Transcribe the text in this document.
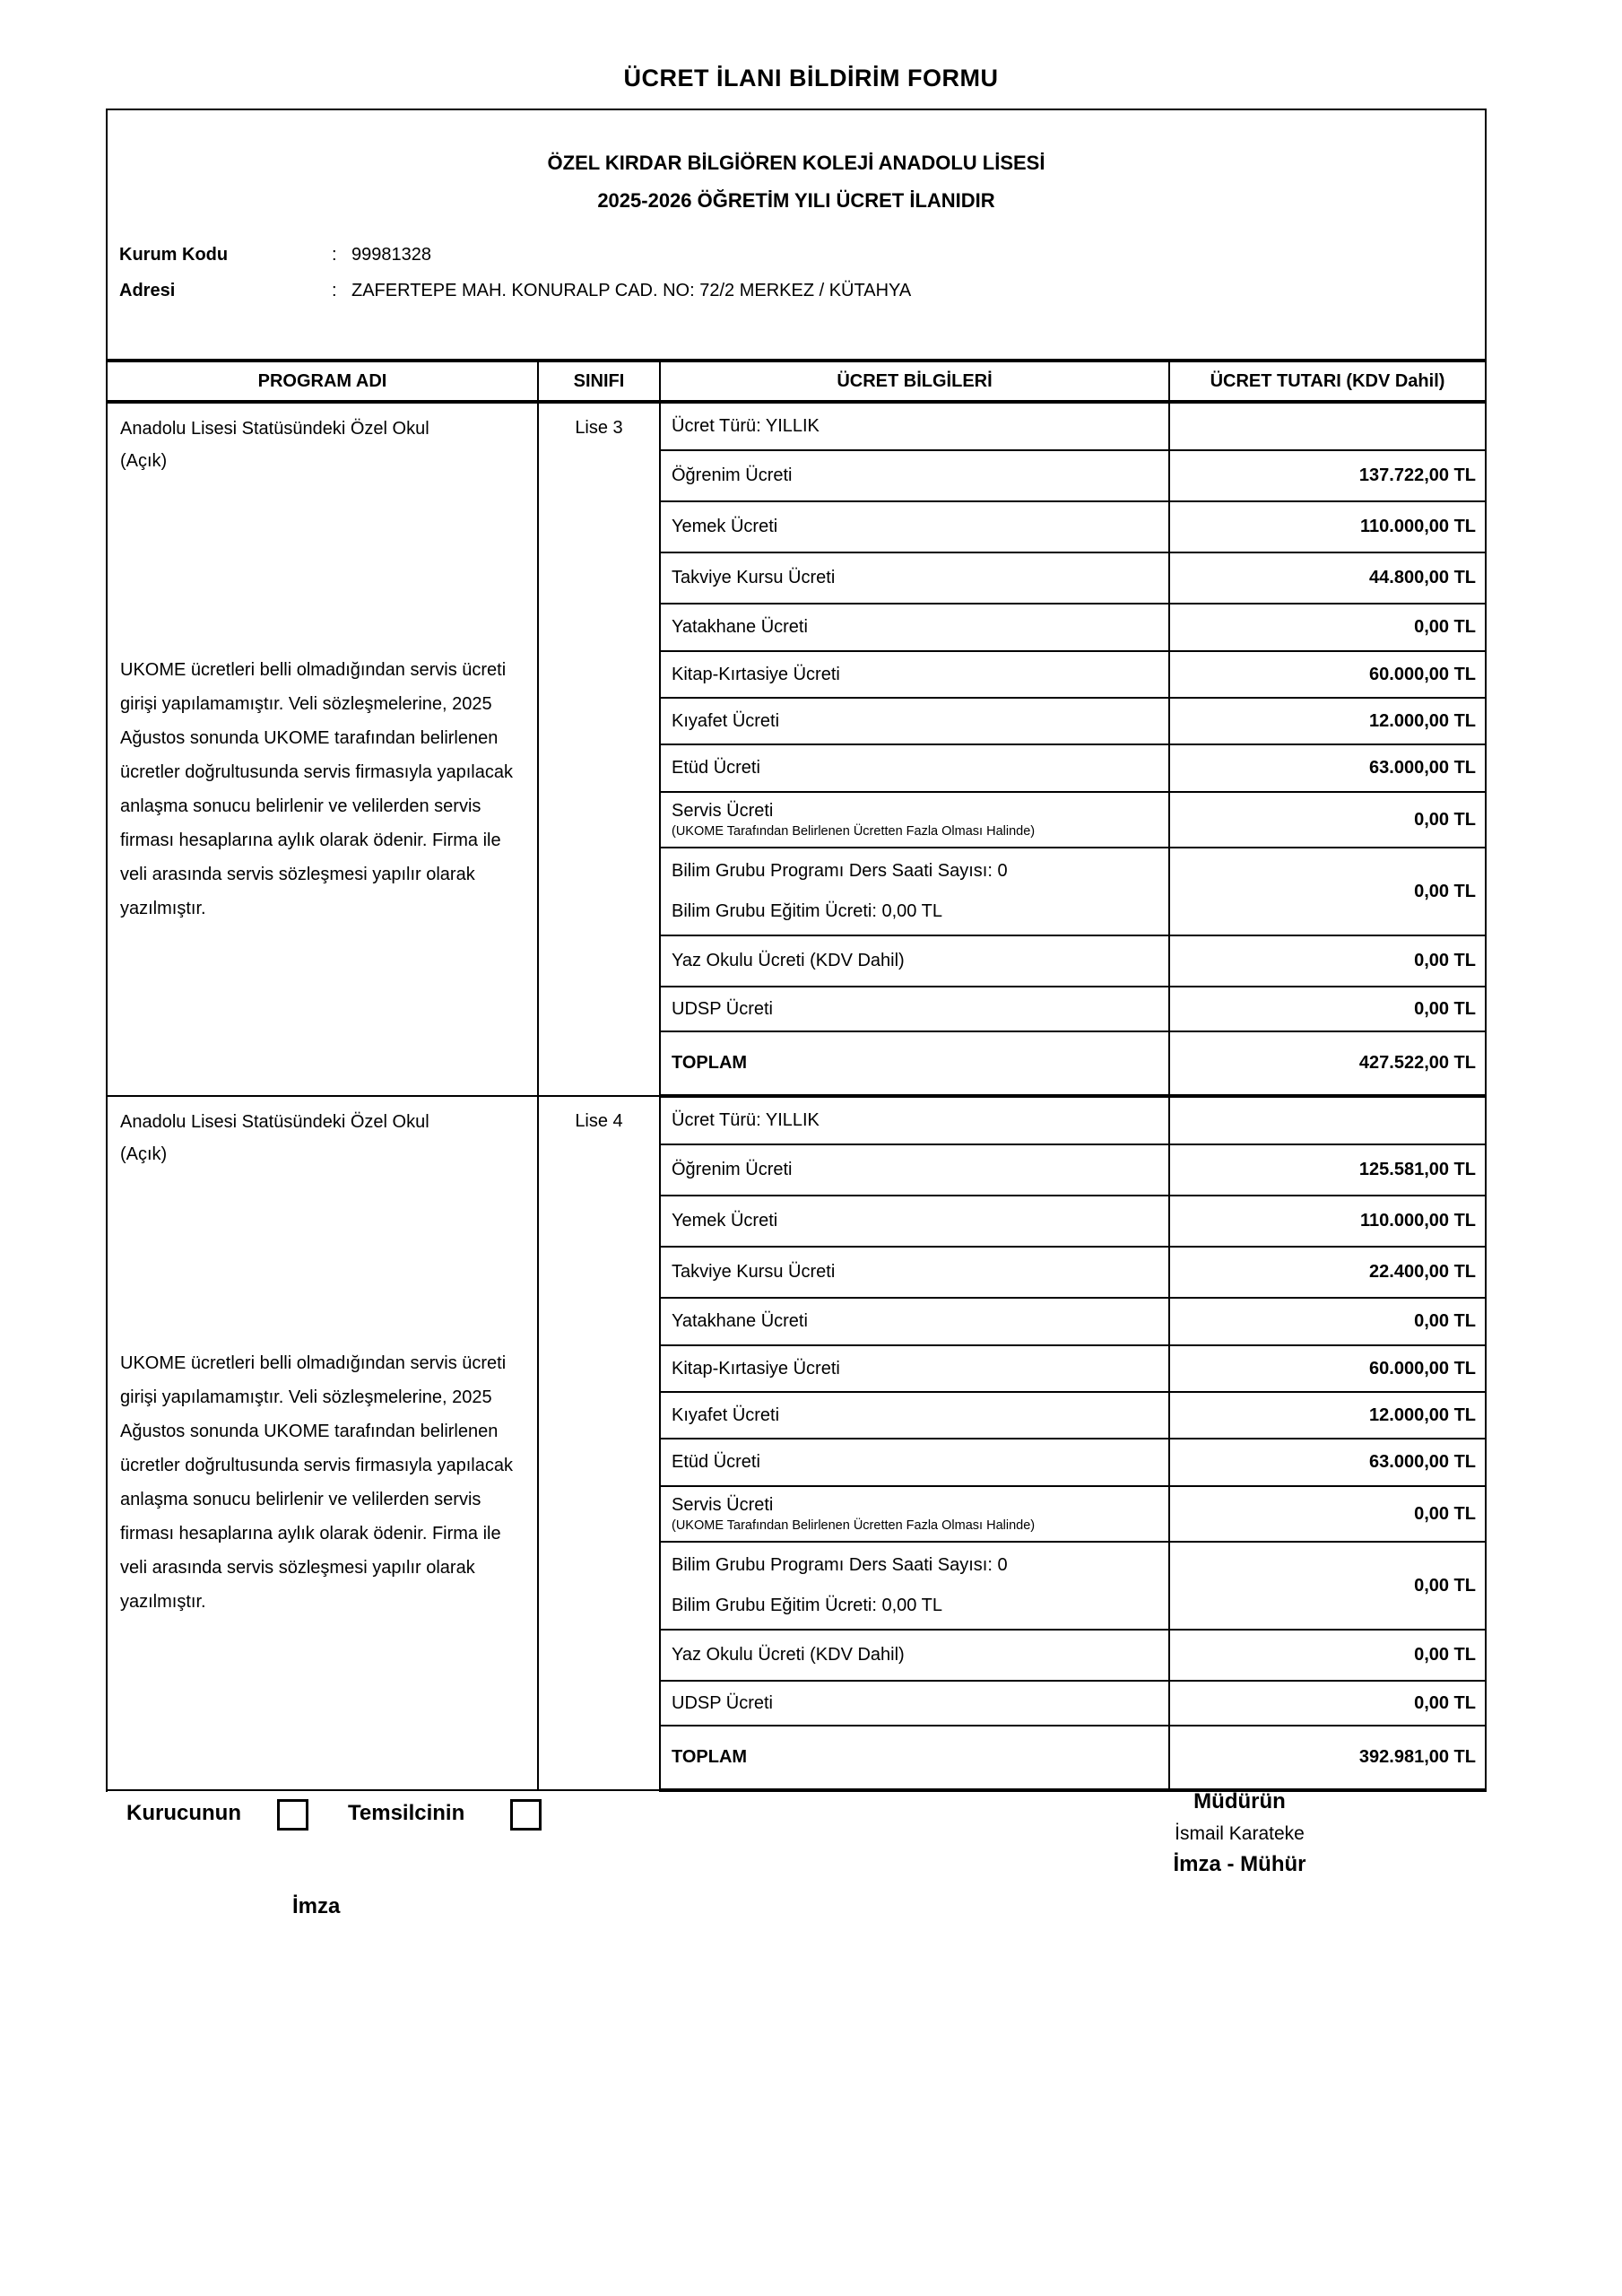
ÜCRET İLANI BİLDİRİM FORMU
ÖZEL KIRDAR BİLGİÖREN KOLEJİ ANADOLU LİSESİ
2025-2026 ÖĞRETİM YILI ÜCRET İLANIDIR
Kurum Kodu	: 99981328
Adresi	: ZAFERTEPE MAH. KONURALP CAD. NO: 72/2 MERKEZ / KÜTAHYA
PROGRAM ADI	SINIFI	ÜCRET BİLGİLERİ	ÜCRET TUTARI (KDV Dahil)

Anadolu Lisesi Statüsündeki Özel Okul
(Açık)
UKOME ücretleri belli olmadığından servis ücreti girişi yapılamamıştır. Veli sözleşmelerine, 2025 Ağustos sonunda UKOME tarafından belirlenen ücretler doğrultusunda servis firmasıyla yapılacak anlaşma sonucu belirlenir ve velilerden servis firması hesaplarına aylık olarak ödenir. Firma ile veli arasında servis sözleşmesi yapılır olarak yazılmıştır.	Lise 3	Ücret Türü: YILLIK	

		Öğrenim Ücreti	137.722,00 TL

		Yemek Ücreti	110.000,00 TL

		Takviye Kursu Ücreti	44.800,00 TL

		Yatakhane Ücreti	0,00 TL

		Kitap-Kırtasiye Ücreti	60.000,00 TL

		Kıyafet Ücreti	12.000,00 TL

		Etüd Ücreti	63.000,00 TL

		Servis Ücreti
(UKOME Tarafından Belirlenen Ücretten Fazla Olması Halinde)	0,00 TL

		Bilim Grubu Programı Ders Saati Sayısı: 0
Bilim Grubu Eğitim Ücreti: 0,00 TL	0,00 TL

		Yaz Okulu Ücreti (KDV Dahil)	0,00 TL

		UDSP Ücreti	0,00 TL

		TOPLAM	427.522,00 TL

Anadolu Lisesi Statüsündeki Özel Okul
(Açık)
UKOME ücretleri belli olmadığından servis ücreti girişi yapılamamıştır. Veli sözleşmelerine, 2025 Ağustos sonunda UKOME tarafından belirlenen ücretler doğrultusunda servis firmasıyla yapılacak anlaşma sonucu belirlenir ve velilerden servis firması hesaplarına aylık olarak ödenir. Firma ile veli arasında servis sözleşmesi yapılır olarak yazılmıştır.	Lise 4	Ücret Türü: YILLIK	

		Öğrenim Ücreti	125.581,00 TL

		Yemek Ücreti	110.000,00 TL

		Takviye Kursu Ücreti	22.400,00 TL

		Yatakhane Ücreti	0,00 TL

		Kitap-Kırtasiye Ücreti	60.000,00 TL

		Kıyafet Ücreti	12.000,00 TL

		Etüd Ücreti	63.000,00 TL

		Servis Ücreti
(UKOME Tarafından Belirlenen Ücretten Fazla Olması Halinde)	0,00 TL

		Bilim Grubu Programı Ders Saati Sayısı: 0
Bilim Grubu Eğitim Ücreti: 0,00 TL	0,00 TL

		Yaz Okulu Ücreti (KDV Dahil)	0,00 TL

		UDSP Ücreti	0,00 TL

		TOPLAM	392.981,00 TL
Kurucunun	Temsilcinin
İmza
Müdürün
İsmail Karateke
İmza - Mühür
